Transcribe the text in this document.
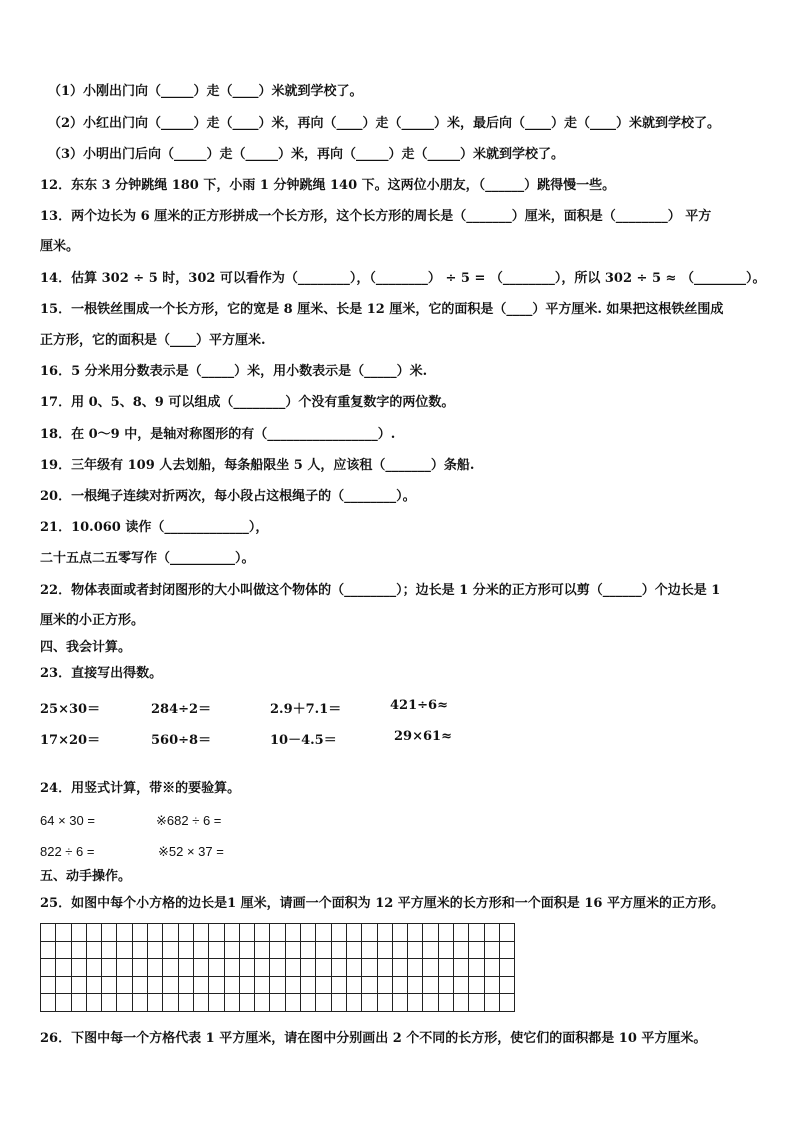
（1）小刚出门向（_____）走（____）米就到学校了。
（2）小红出门向（_____）走（____）米，再向（____）走（_____）米，最后向（____）走（____）米就到学校了。
（3）小明出门后向（_____）走（_____）米，再向（_____）走（_____）米就到学校了。
12．东东 3 分钟跳绳 180 下，小雨 1 分钟跳绳 140 下。这两位小朋友，（______）跳得慢一些。
13．两个边长为 6 厘米的正方形拼成一个长方形，这个长方形的周长是（_______）厘米，面积是（________） 平方
厘米。
14．估算 302 ÷ 5 时，302 可以看作为（________），（________） ÷ 5 = （________），所以 302 ÷ 5 ≈ （________）。
15．一根铁丝围成一个长方形，它的宽是 8 厘米、长是 12 厘米，它的面积是（____）平方厘米. 如果把这根铁丝围成
正方形，它的面积是（____）平方厘米.
16．5 分米用分数表示是（_____）米，用小数表示是（_____）米.
17．用 0、5、8、9 可以组成（________）个没有重复数字的两位数。
18．在 0～9 中，是轴对称图形的有（_________________）.
19．三年级有 109 人去划船，每条船限坐 5 人，应该租（_______）条船.
20．一根绳子连续对折两次，每小段占这根绳子的（________）。
21．10.060 读作（_____________），
二十五点二五零写作（__________）。
22．物体表面或者封闭图形的大小叫做这个物体的（________）；边长是 1 分米的正方形可以剪（______）个边长是 1
厘米的小正方形。
四、我会计算。
23．直接写出得数。
25×30＝	284÷2＝	2.9＋7.1＝	421÷6≈
17×20＝	560÷8＝	10－4.5＝	29×61≈
24．用竖式计算，带※的要验算。
64 × 30 =	※682 ÷ 6 =
822 ÷ 6 =	※52 × 37 =
五、动手操作。
25．如图中每个小方格的边长是1 厘米，请画一个面积为 12 平方厘米的长方形和一个面积是 16 平方厘米的正方形。

26．下图中每一个方格代表 1 平方厘米，请在图中分别画出 2 个不同的长方形，使它们的面积都是 10 平方厘米。
